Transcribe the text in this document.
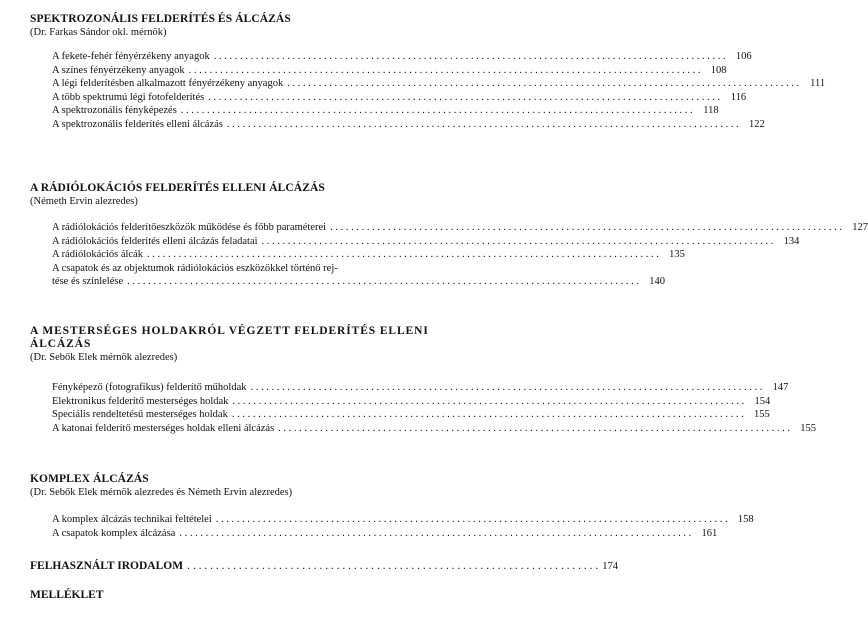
SPEKTROZONÁLIS FELDERÍTÉS ÉS ÁLCÁZÁS
(Dr. Farkas Sándor okl. mérnök)
A fekete-fehér fényérzékeny anyagok . . .	106
A színes fényérzékeny anyagok . . .	108
A légi felderítésben alkalmazott fényérzékeny anyagok . . .	111
A több spektrumú légi fotofelderítés . . .	116
A spektrozonális fényképezés . . .	118
A spektrozonális felderítés elleni álcázás . . .	122
A RÁDIÓLOKÁCIÓS FELDERÍTÉS ELLENI ÁLCÁZÁS
(Németh Ervin alezredes)
A rádiólokációs felderítőeszközök működése és főbb paraméterei . . .	127
A rádiólokációs felderítés elleni álcázás feladatai . . .	134
A rádiólokációs álcák . . .	135
A csapatok és az objektumok rádiólokációs eszközökkel történő rej-
tése és színlelése . . .	140
A MESTERSÉGES HOLDAKRÓL VÉGZETT FELDERÍTÉS ELLENI ÁLCÁZÁS
(Dr. Sebők Elek mérnök alezredes)
Fényképező (fotografikus) felderítő műholdak . . .	147
Elektronikus felderítő mesterséges holdak . . .	154
Speciális rendeltetésű mesterséges holdak . . .	155
A katonai felderítő mesterséges holdak elleni álcázás . . .	155
KOMPLEX ÁLCÁZÁS
(Dr. Sebők Elek mérnök alezredes és Németh Ervin alezredes)
A komplex álcázás technikai feltételei . . .	158
A csapatok komplex álcázása . . .	161
FELHASZNÁLT IRODALOM . . .	174
MELLÉKLET
